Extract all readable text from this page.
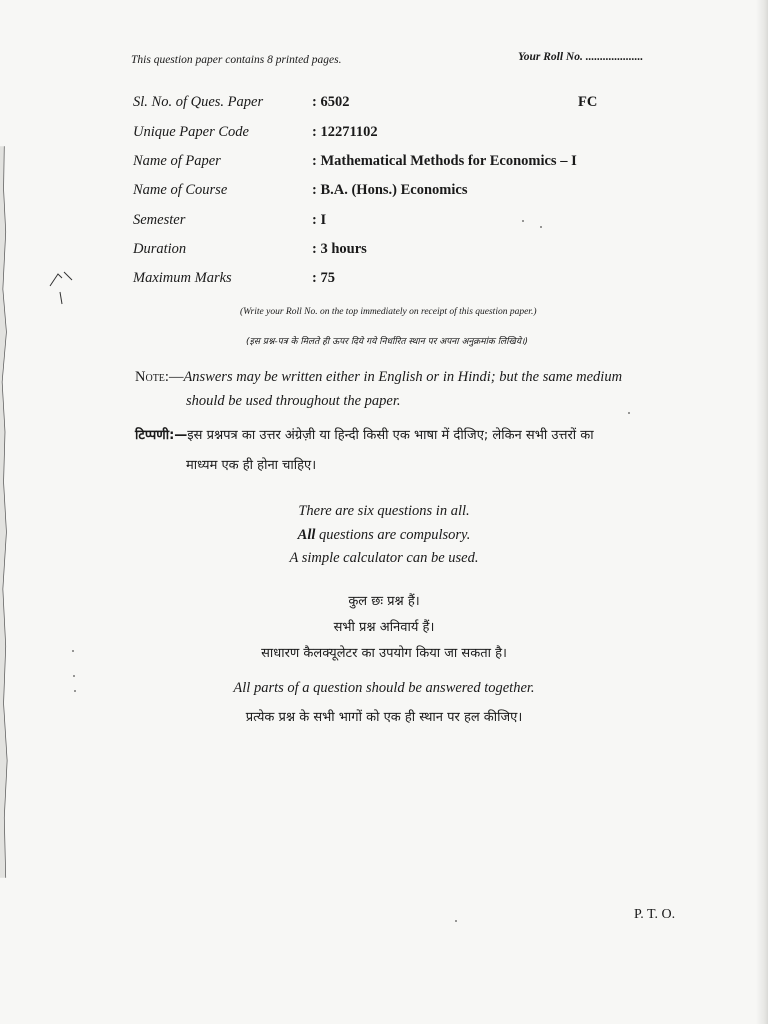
This question paper contains 8 printed pages.	Your Roll No. ....................
Sl. No. of Ques. Paper	: 6502
Unique Paper Code	: 12271102
Name of Paper	: Mathematical Methods for Economics – I
Name of Course	: B.A. (Hons.) Economics
Semester	: I
Duration	: 3 hours
Maximum Marks	: 75
FC
(Write your Roll No. on the top immediately on receipt of this question paper.)
(इस प्रश्न-पत्र के मिलते ही ऊपर दिये गये निर्धारित स्थान पर अपना अनुक्रमांक लिखिये।)
Note:—Answers may be written either in English or in Hindi; but the same medium
should be used throughout the paper.
टिप्पणी:—इस प्रश्नपत्र का उत्तर अंग्रेज़ी या हिन्दी किसी एक भाषा में दीजिए; लेकिन सभी उत्तरों का
माध्यम एक ही होना चाहिए।
There are six questions in all.
All questions are compulsory.
A simple calculator can be used.
कुल छः प्रश्न हैं।
सभी प्रश्न अनिवार्य हैं।
साधारण कैलक्यूलेटर का उपयोग किया जा सकता है।
All parts of a question should be answered together.
प्रत्येक प्रश्न के सभी भागों को एक ही स्थान पर हल कीजिए।
P. T. O.
